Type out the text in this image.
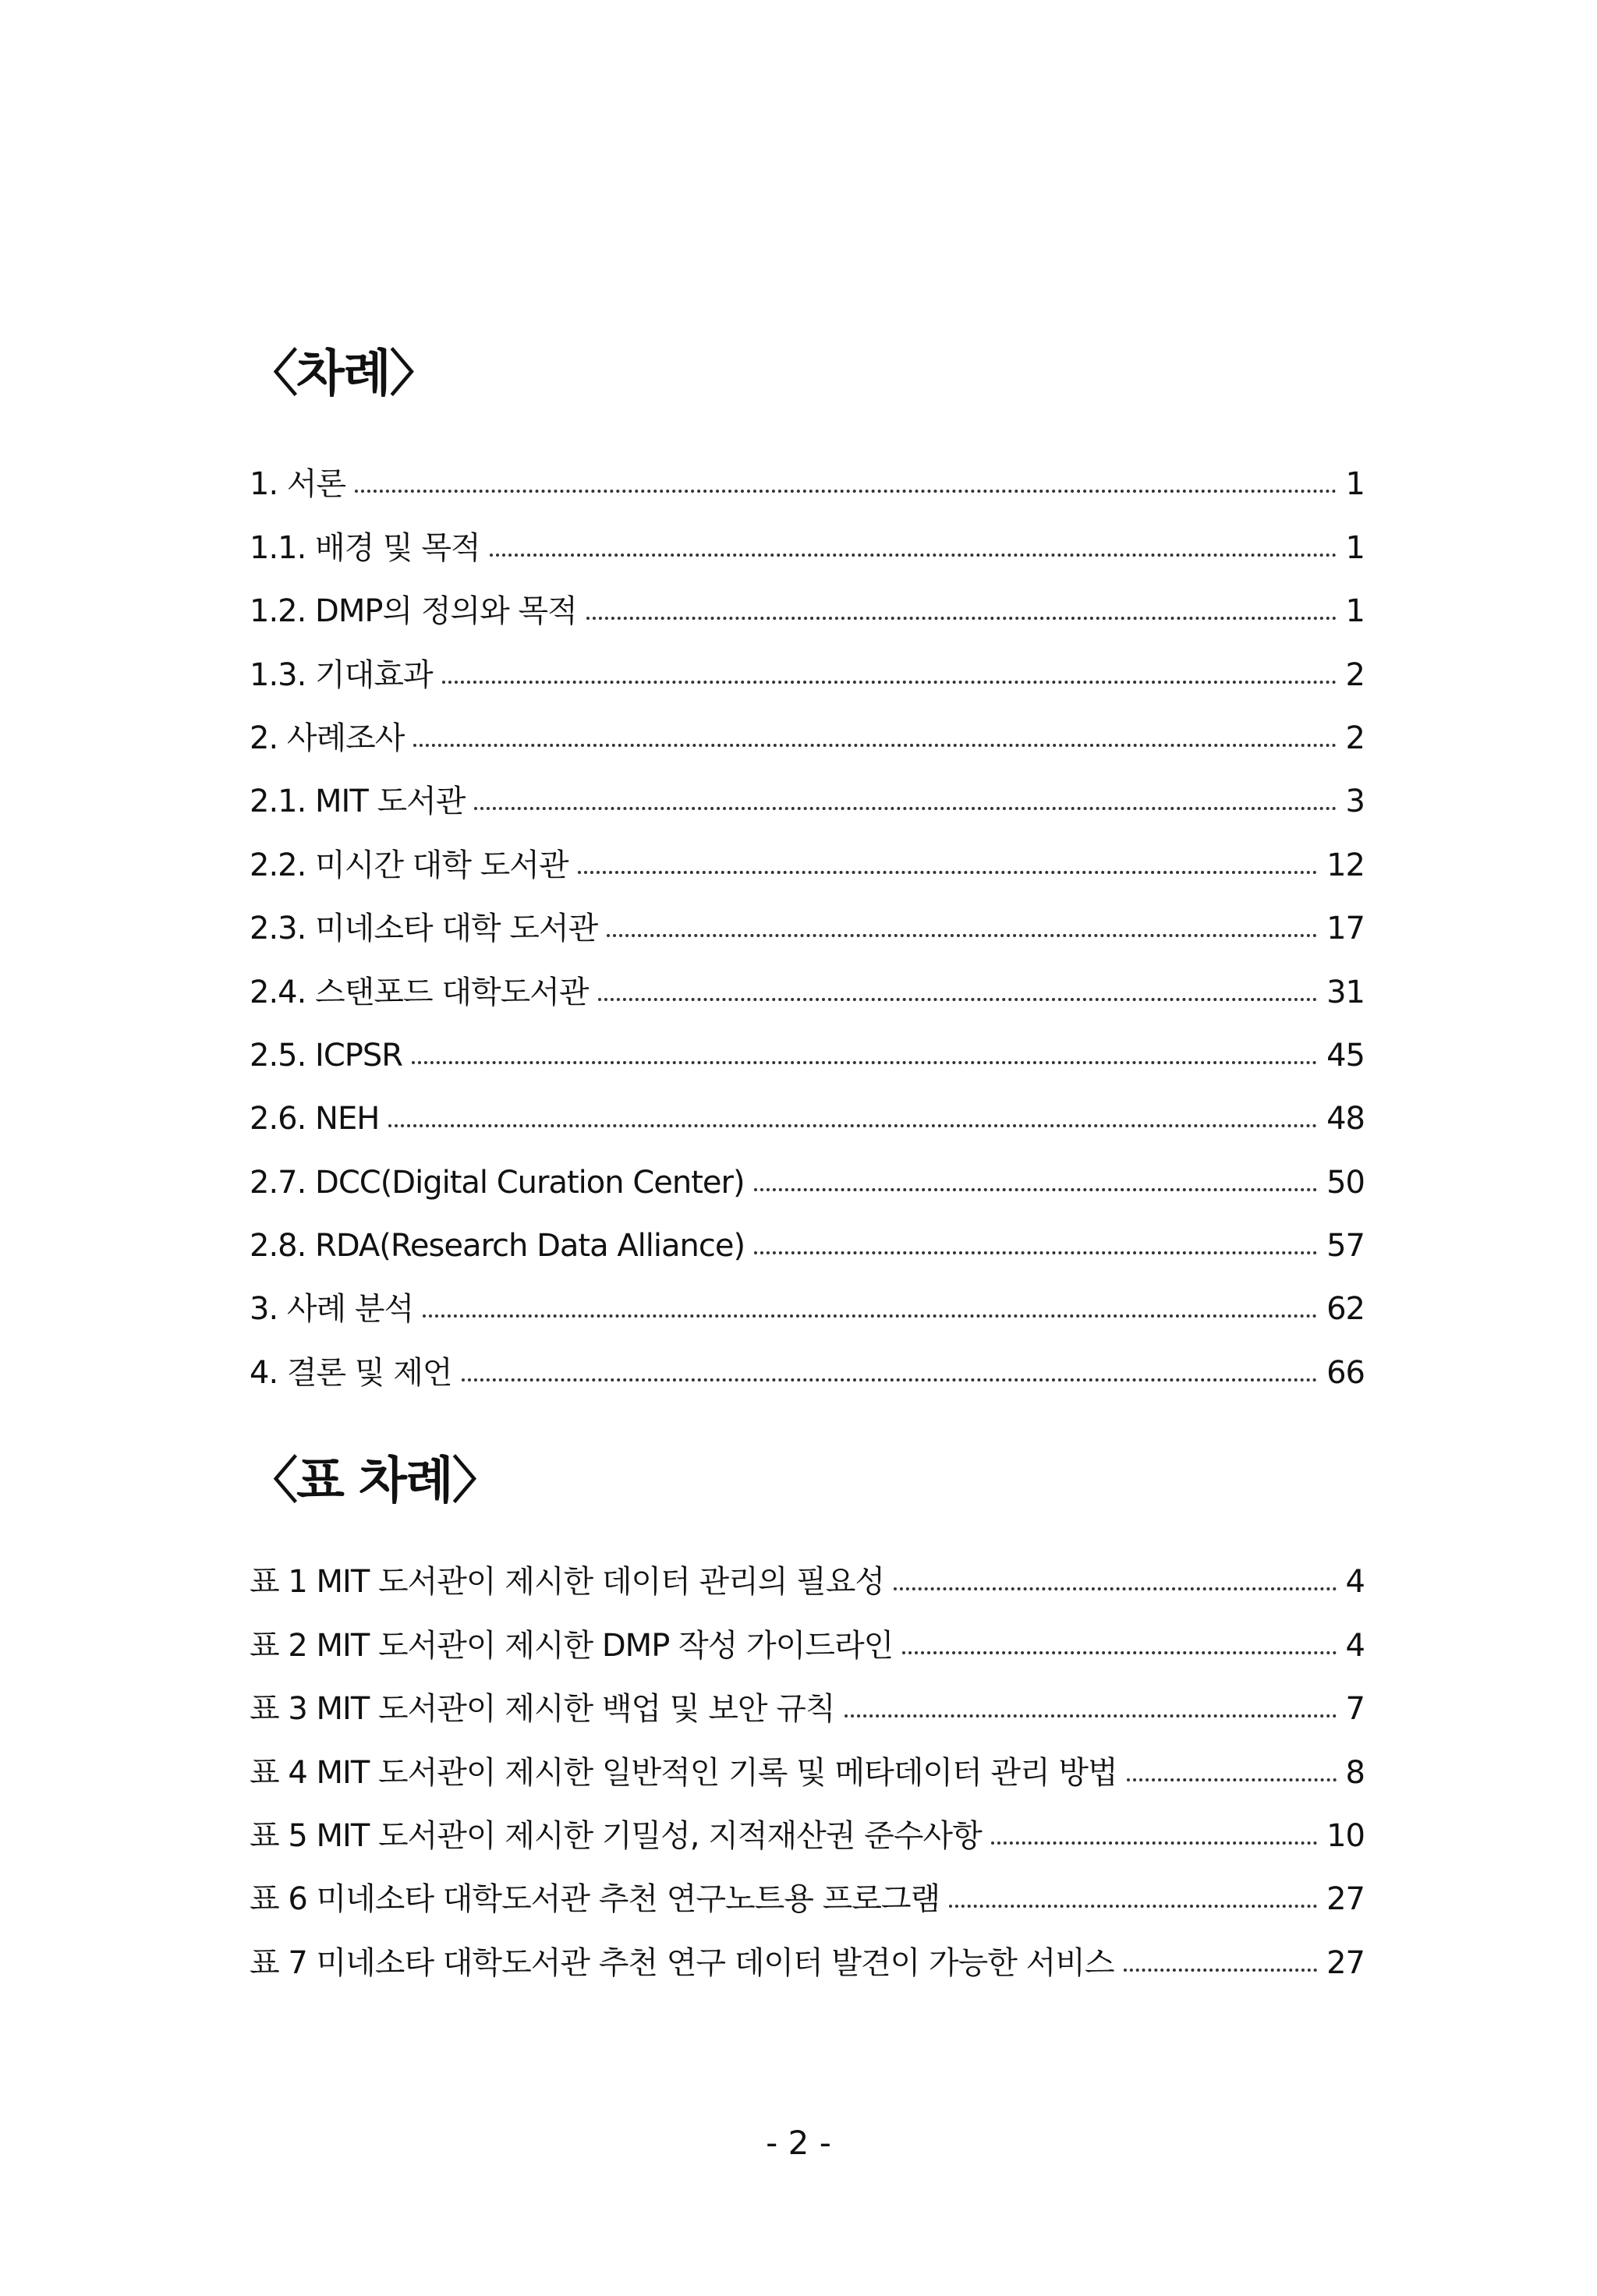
〈차례〉
1. 서론	1
1.1. 배경 및 목적	1
1.2. DMP의 정의와 목적	1
1.3. 기대효과	2
2. 사례조사	2
2.1. MIT 도서관	3
2.2. 미시간 대학 도서관	12
2.3. 미네소타 대학 도서관	17
2.4. 스탠포드 대학도서관	31
2.5. ICPSR	45
2.6. NEH	48
2.7. DCC(Digital Curation Center)	50
2.8. RDA(Research Data Alliance)	57
3. 사례 분석	62
4. 결론 및 제언	66
〈표 차례〉
표 1 MIT 도서관이 제시한 데이터 관리의 필요성	4
표 2 MIT 도서관이 제시한 DMP 작성 가이드라인	4
표 3 MIT 도서관이 제시한 백업 및 보안 규칙	7
표 4 MIT 도서관이 제시한 일반적인 기록 및 메타데이터 관리 방법	8
표 5 MIT 도서관이 제시한 기밀성, 지적재산권 준수사항	10
표 6 미네소타 대학도서관 추천 연구노트용 프로그램	27
표 7 미네소타 대학도서관 추천 연구 데이터 발견이 가능한 서비스	27
- 2 -
